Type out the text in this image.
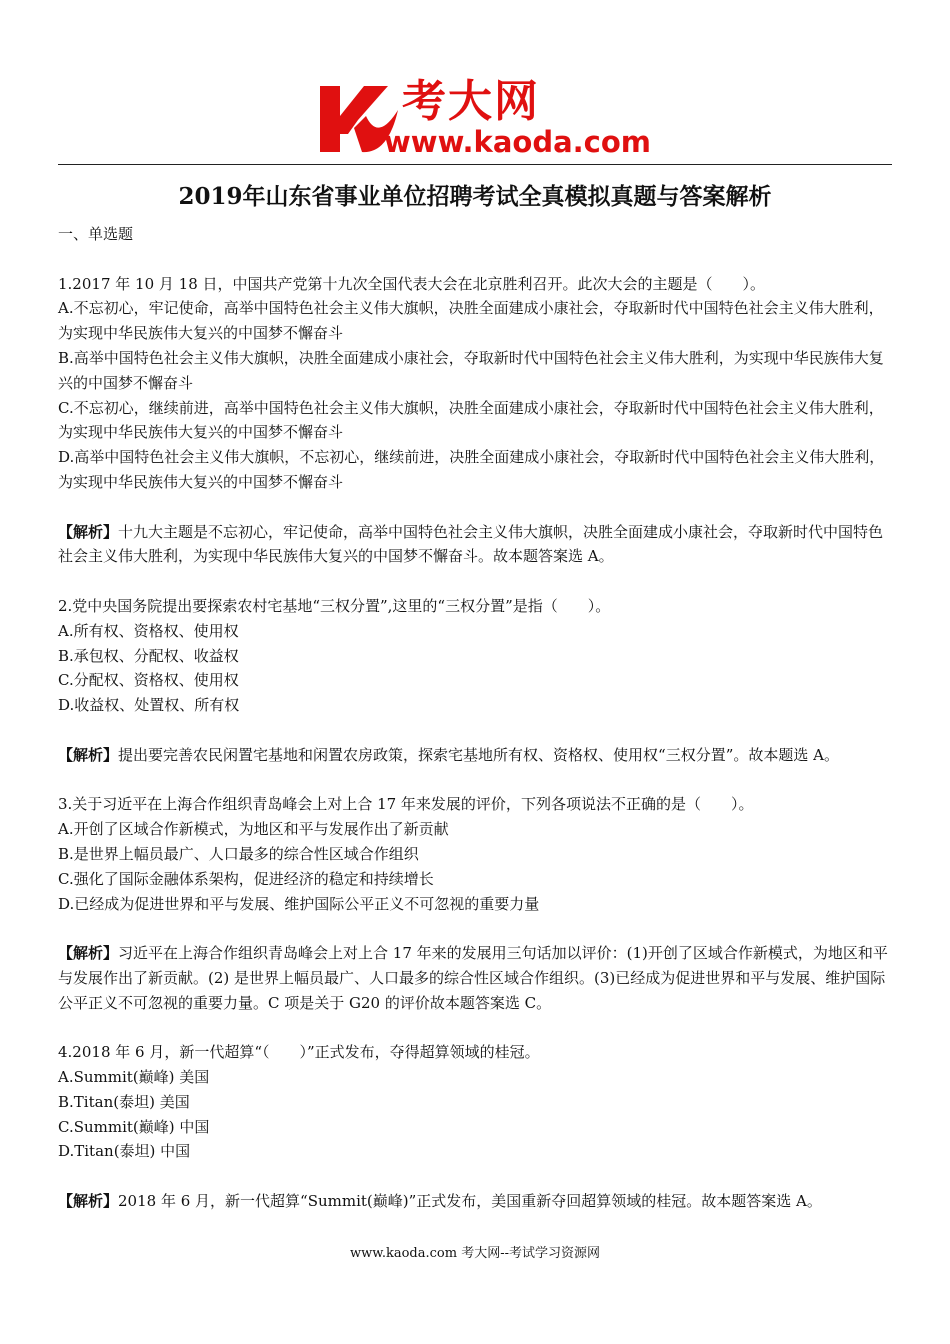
考大网
www.kaoda.com
2019年山东省事业单位招聘考试全真模拟真题与答案解析

一、单选题

1.2017 年 10 月 18 日，中国共产党第十九次全国代表大会在北京胜利召开。此次大会的主题是（　　）。

A.不忘初心，牢记使命，高举中国特色社会主义伟大旗帜，决胜全面建成小康社会，夺取新时代中国特色社会主义伟大胜利，为实现中华民族伟大复兴的中国梦不懈奋斗

B.高举中国特色社会主义伟大旗帜，决胜全面建成小康社会，夺取新时代中国特色社会主义伟大胜利，为实现中华民族伟大复兴的中国梦不懈奋斗

C.不忘初心，继续前进，高举中国特色社会主义伟大旗帜，决胜全面建成小康社会，夺取新时代中国特色社会主义伟大胜利，为实现中华民族伟大复兴的中国梦不懈奋斗

D.高举中国特色社会主义伟大旗帜，不忘初心，继续前进，决胜全面建成小康社会，夺取新时代中国特色社会主义伟大胜利，为实现中华民族伟大复兴的中国梦不懈奋斗

【解析】十九大主题是不忘初心，牢记使命，高举中国特色社会主义伟大旗帜，决胜全面建成小康社会，夺取新时代中国特色社会主义伟大胜利，为实现中华民族伟大复兴的中国梦不懈奋斗。故本题答案选 A。

2.党中央国务院提出要探索农村宅基地“三权分置”,这里的“三权分置”是指（　　）。

A.所有权、资格权、使用权

B.承包权、分配权、收益权

C.分配权、资格权、使用权

D.收益权、处置权、所有权

【解析】提出要完善农民闲置宅基地和闲置农房政策，探索宅基地所有权、资格权、使用权“三权分置”。故本题选 A。

3.关于习近平在上海合作组织青岛峰会上对上合 17 年来发展的评价，下列各项说法不正确的是（　　）。

A.开创了区域合作新模式，为地区和平与发展作出了新贡献

B.是世界上幅员最广、人口最多的综合性区域合作组织

C.强化了国际金融体系架构，促进经济的稳定和持续增长

D.已经成为促进世界和平与发展、维护国际公平正义不可忽视的重要力量

【解析】习近平在上海合作组织青岛峰会上对上合 17 年来的发展用三句话加以评价：(1)开创了区域合作新模式，为地区和平与发展作出了新贡献。(2) 是世界上幅员最广、人口最多的综合性区域合作组织。(3)已经成为促进世界和平与发展、维护国际公平正义不可忽视的重要力量。C 项是关于 G20 的评价故本题答案选 C。

4.2018 年 6 月，新一代超算“（　　）”正式发布，夺得超算领域的桂冠。

A.Summit(巅峰) 美国

B.Titan(泰坦) 美国

C.Summit(巅峰) 中国

D.Titan(泰坦) 中国

【解析】2018 年 6 月，新一代超算“Summit(巅峰)”正式发布，美国重新夺回超算领域的桂冠。故本题答案选 A。

www.kaoda.com 考大网--考试学习资源网
